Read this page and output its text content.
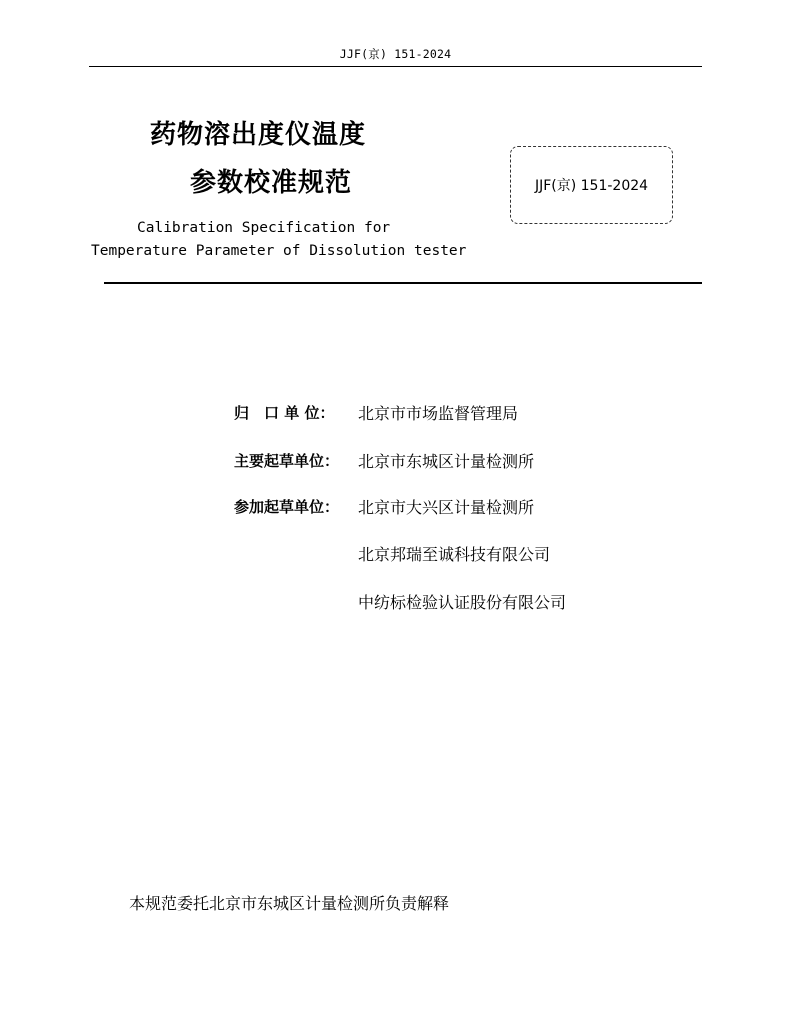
JJF(京) 151-2024
药物溶出度仪温度
参数校准规范	JJF(京) 151-2024
Calibration Specification for
Temperature Parameter of Dissolution tester
归　口 单 位： 北京市市场监督管理局
主要起草单位： 北京市东城区计量检测所
参加起草单位： 北京市大兴区计量检测所
北京邦瑞至诚科技有限公司
中纺标检验认证股份有限公司
本规范委托北京市东城区计量检测所负责解释
